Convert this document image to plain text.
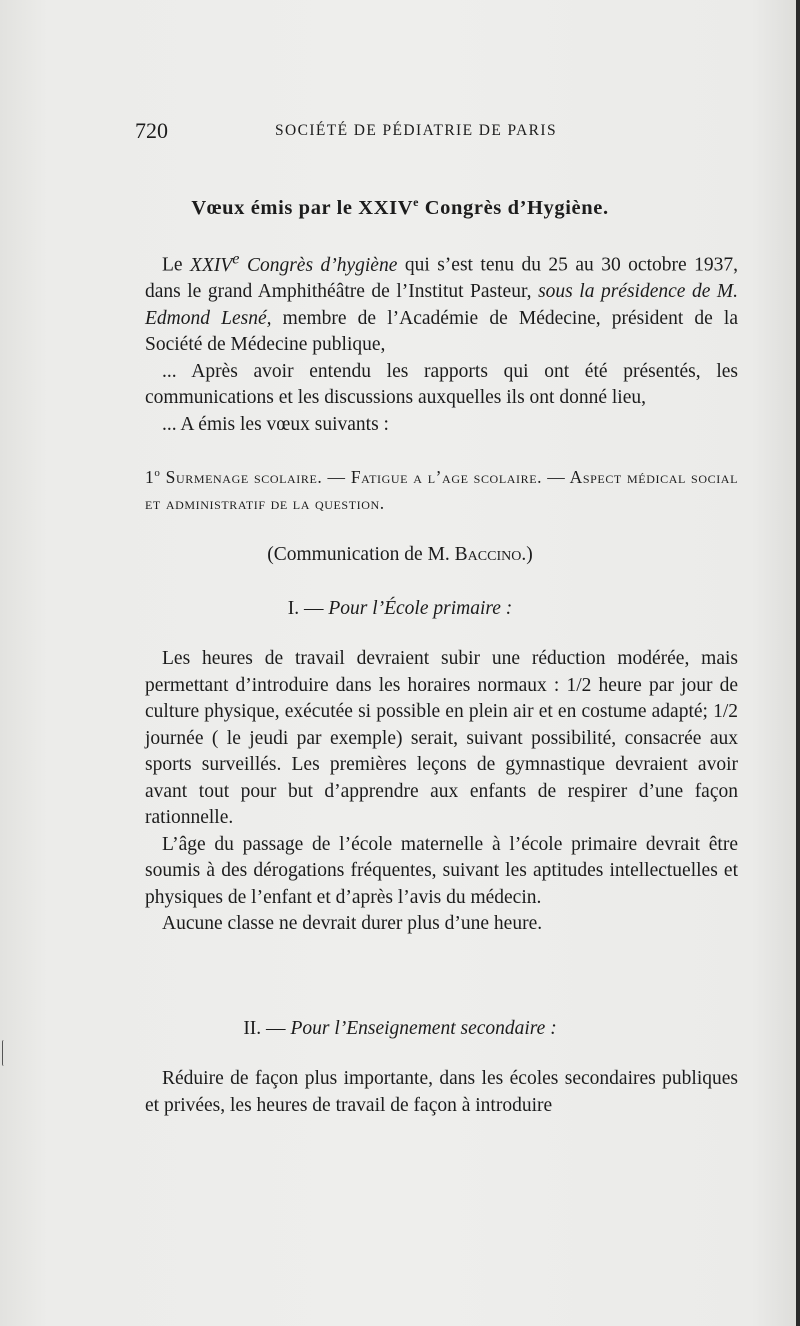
720	SOCIÉTÉ DE PÉDIATRIE DE PARIS
Vœux émis par le XXIVe Congrès d’Hygiène.

Le XXIVe Congrès d’hygiène qui s’est tenu du 25 au 30 octobre 1937, dans le grand Amphithéâtre de l’Institut Pasteur, sous la présidence de M. Edmond Lesné, membre de l’Académie de Médecine, président de la Société de Médecine publique,

... Après avoir entendu les rapports qui ont été présentés, les communications et les discussions auxquelles ils ont donné lieu,

... A émis les vœux suivants :

1$^o$ Surmenage scolaire. — Fatigue a l’age scolaire. — Aspect médical social et administratif de la question.
(Communication de M. Baccino.)
I. — Pour l’École primaire :

Les heures de travail devraient subir une réduction modérée, mais permettant d’introduire dans les horaires normaux : 1/2 heure par jour de culture physique, exécutée si possible en plein air et en costume adapté; 1/2 journée ( le jeudi par exemple) serait, suivant possibilité, consacrée aux sports surveillés. Les premières leçons de gymnastique devraient avoir avant tout pour but d’apprendre aux enfants de respirer d’une façon rationnelle.

L’âge du passage de l’école maternelle à l’école primaire devrait être soumis à des dérogations fréquentes, suivant les aptitudes intellectuelles et physiques de l’enfant et d’après l’avis du médecin.

Aucune classe ne devrait durer plus d’une heure.

II. — Pour l’Enseignement secondaire :

Réduire de façon plus importante, dans les écoles secondaires publiques et privées, les heures de travail de façon à introduire
